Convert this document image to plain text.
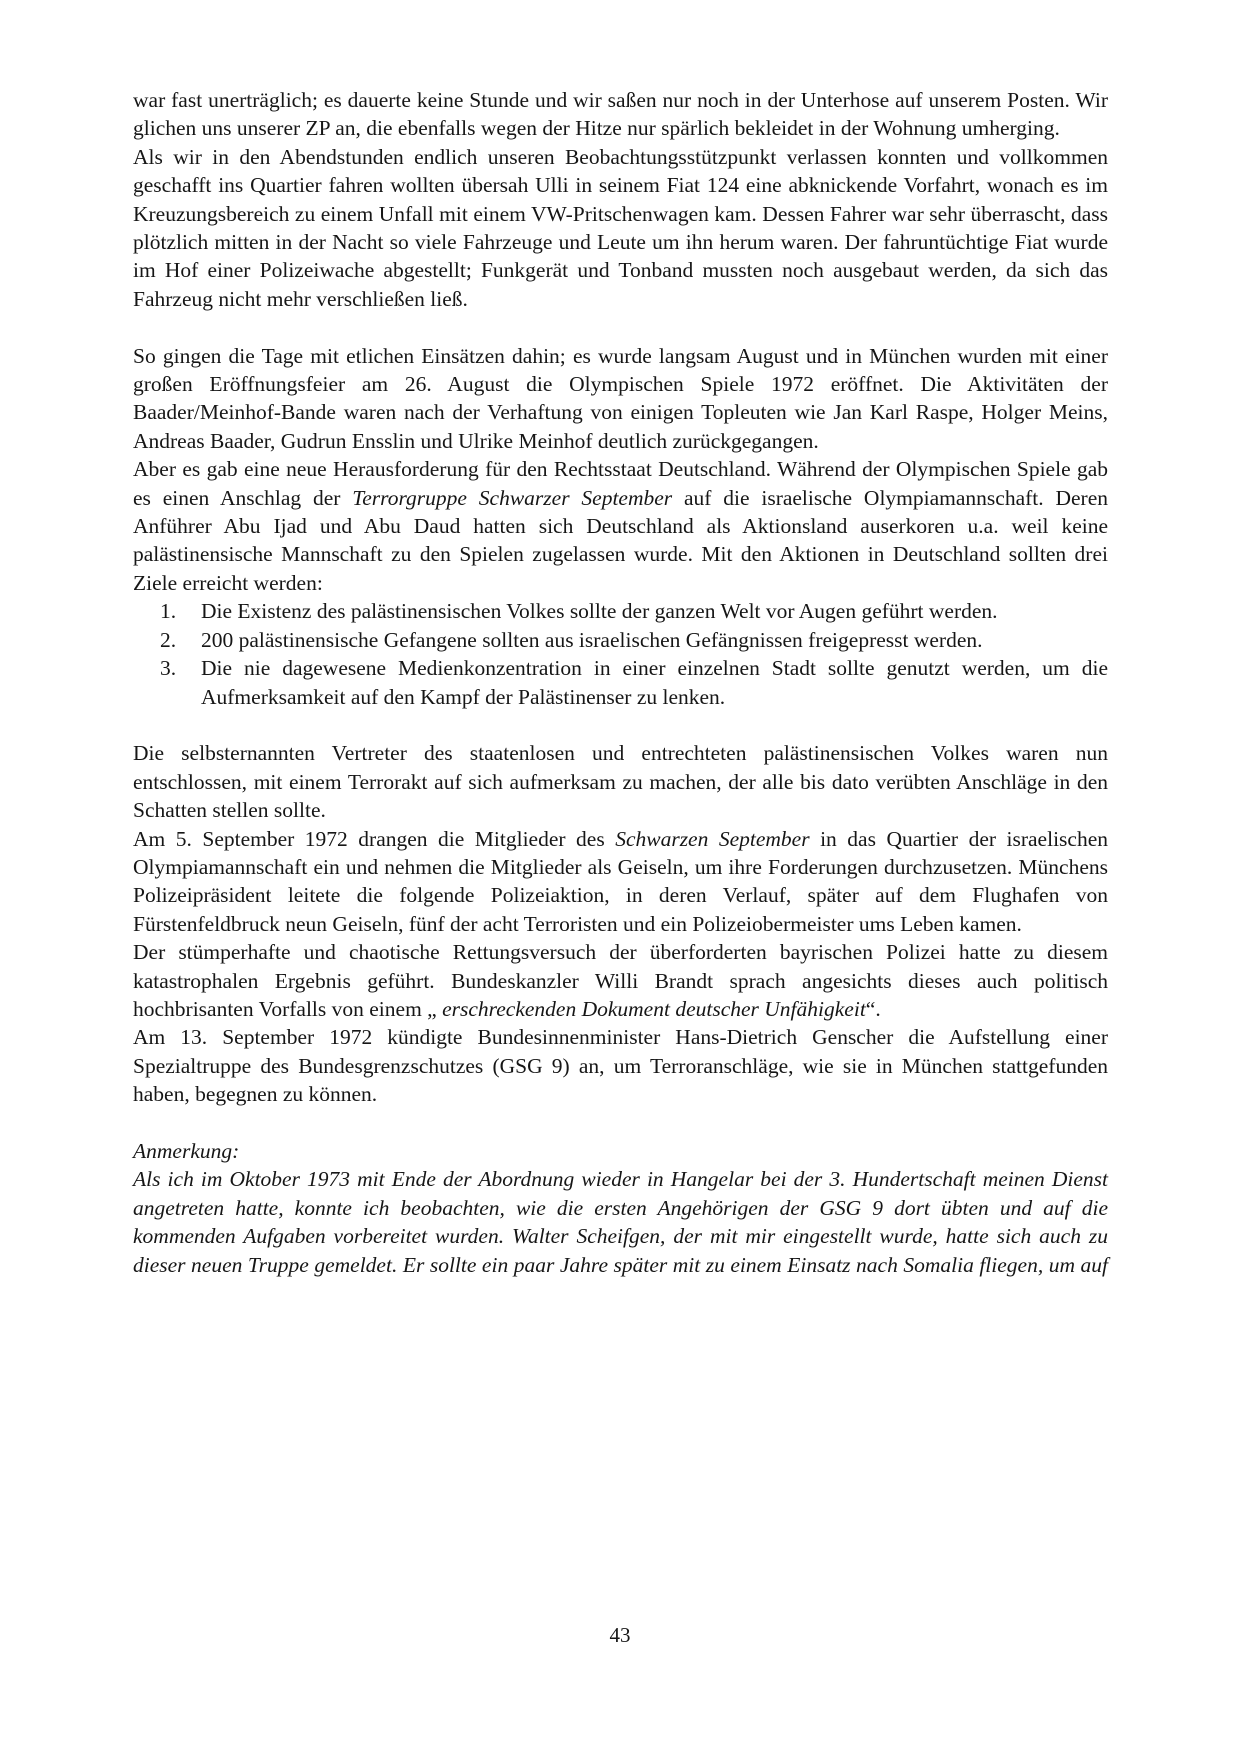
war fast unerträglich; es dauerte keine Stunde und wir saßen nur noch in der Unterhose auf unserem Posten. Wir glichen uns unserer ZP an, die ebenfalls wegen der Hitze nur spärlich bekleidet in der Wohnung umherging.

Als wir in den Abendstunden endlich unseren Beobachtungsstützpunkt verlassen konnten und vollkommen geschafft ins Quartier fahren wollten übersah Ulli in seinem Fiat 124 eine abknickende Vorfahrt, wonach es im Kreuzungsbereich zu einem Unfall mit einem VW-Pritschenwagen kam. Dessen Fahrer war sehr überrascht, dass plötzlich mitten in der Nacht so viele Fahrzeuge und Leute um ihn herum waren. Der fahruntüchtige Fiat wurde im Hof einer Polizeiwache abgestellt; Funkgerät und Tonband mussten noch ausgebaut werden, da sich das Fahrzeug nicht mehr verschließen ließ.

So gingen die Tage mit etlichen Einsätzen dahin; es wurde langsam August und in München wurden mit einer großen Eröffnungsfeier am 26. August die Olympischen Spiele 1972 eröffnet. Die Aktivitäten der Baader/Meinhof-Bande waren nach der Verhaftung von einigen Topleuten wie Jan Karl Raspe, Holger Meins, Andreas Baader, Gudrun Ensslin und Ulrike Meinhof deutlich zurückgegangen.

Aber es gab eine neue Herausforderung für den Rechtsstaat Deutschland. Während der Olympischen Spiele gab es einen Anschlag der Terrorgruppe Schwarzer September auf die israelische Olympiamannschaft. Deren Anführer Abu Ijad und Abu Daud hatten sich Deutschland als Aktionsland auserkoren u.a. weil keine palästinensische Mannschaft zu den Spielen zugelassen wurde. Mit den Aktionen in Deutschland sollten drei Ziele erreicht werden:

1.	Die Existenz des palästinensischen Volkes sollte der ganzen Welt vor Augen geführt werden.
2.	200 palästinensische Gefangene sollten aus israelischen Gefängnissen freigepresst werden.
3.	Die nie dagewesene Medienkonzentration in einer einzelnen Stadt sollte genutzt werden, um die Aufmerksamkeit auf den Kampf der Palästinenser zu lenken.

Die selbsternannten Vertreter des staatenlosen und entrechteten palästinensischen Volkes waren nun entschlossen, mit einem Terrorakt auf sich aufmerksam zu machen, der alle bis dato verübten Anschläge in den Schatten stellen sollte.

Am 5. September 1972 drangen die Mitglieder des Schwarzen September in das Quartier der israelischen Olympiamannschaft ein und nehmen die Mitglieder als Geiseln, um ihre Forderungen durchzusetzen. Münchens Polizeipräsident leitete die folgende Polizeiaktion, in deren Verlauf, später auf dem Flughafen von Fürstenfeldbruck neun Geiseln, fünf der acht Terroristen und ein Polizeiobermeister ums Leben kamen.

Der stümperhafte und chaotische Rettungsversuch der überforderten bayrischen Polizei hatte zu diesem katastrophalen Ergebnis geführt. Bundeskanzler Willi Brandt sprach angesichts dieses auch politisch hochbrisanten Vorfalls von einem „ erschreckenden Dokument deutscher Unfähigkeit“.

Am 13. September 1972 kündigte Bundesinnenminister Hans-Dietrich Genscher die Aufstellung einer Spezialtruppe des Bundesgrenzschutzes (GSG 9) an, um Terroranschläge, wie sie in München stattgefunden haben, begegnen zu können.

Anmerkung:

Als ich im Oktober 1973 mit Ende der Abordnung wieder in Hangelar bei der 3. Hundertschaft meinen Dienst angetreten hatte, konnte ich beobachten, wie die ersten Angehörigen der GSG 9 dort übten und auf die kommenden Aufgaben vorbereitet wurden. Walter Scheifgen, der mit mir eingestellt wurde, hatte sich auch zu dieser neuen Truppe gemeldet. Er sollte ein paar Jahre später mit zu einem Einsatz nach Somalia fliegen, um auf

43
